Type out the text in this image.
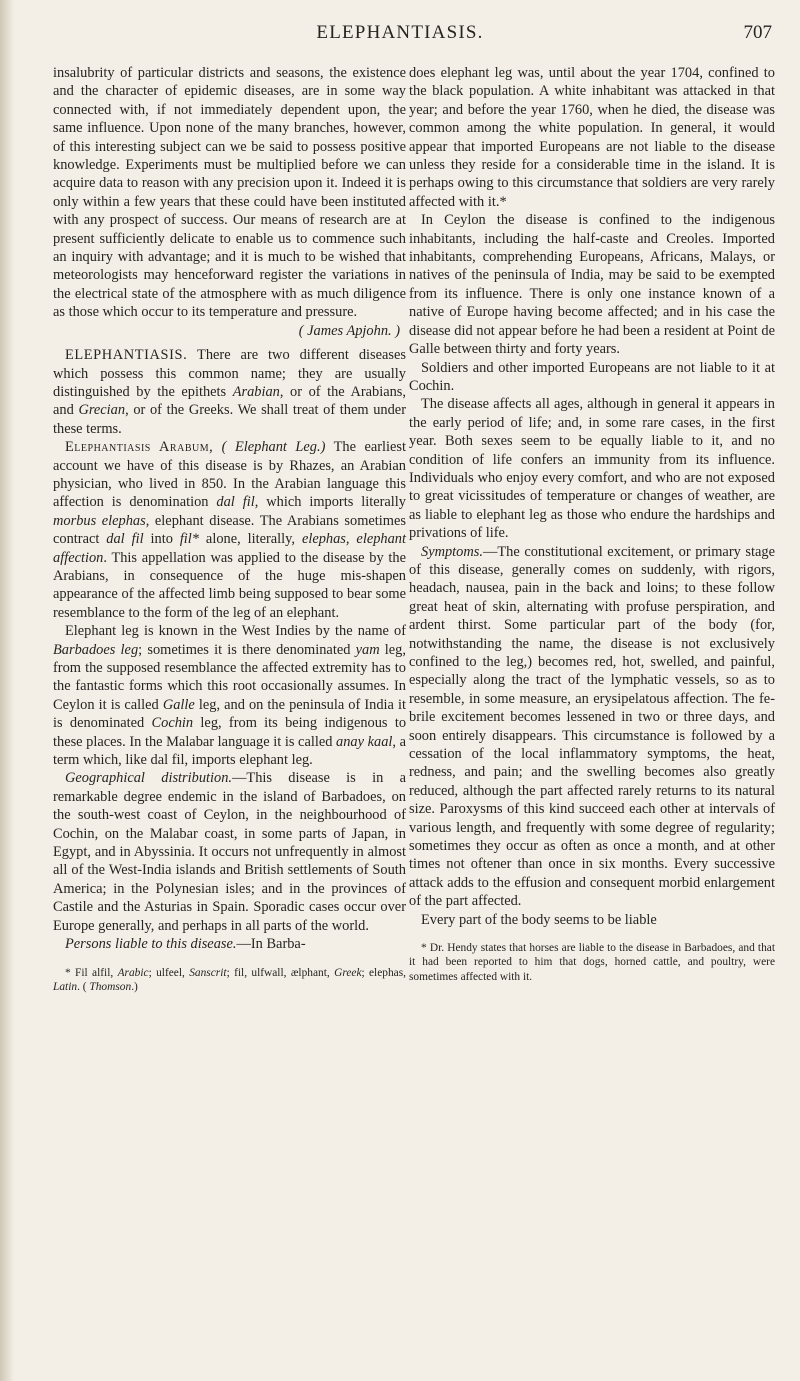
ELEPHANTIASIS.	707

insalubrity of particular districts and seasons, the existence and the character of epidemic diseases, are in some way connected with, if not immediately dependent upon, the same influence. Upon none of the many branches, however, of this interesting subject can we be said to possess positive knowledge. Experiments must be multiplied before we can acquire data to reason with any precision upon it. Indeed it is only within a few years that these could have been instituted with any prospect of success. Our means of research are at present sufficiently delicate to enable us to commence such an inquiry with advantage; and it is much to be wished that meteorologists may henceforward register the variations in the electrical state of the atmosphere with as much diligence as those which occur to its temperature and pressure.

( James Apjohn. )

ELEPHANTIASIS. There are two different diseases which possess this common name; they are usually distinguished by the epithets Arabian, or of the Arabians, and Grecian, or of the Greeks. We shall treat of them under these terms.

Elephantiasis Arabum, ( Elephant Leg.) The earliest account we have of this disease is by Rhazes, an Arabian physician, who lived in 850. In the Arabian language this affection is denomination dal fil, which imports literally morbus elephas, elephant disease. The Arabians sometimes contract dal fil into fil* alone, literally, elephas, elephant affection. This appellation was applied to the disease by the Arabians, in consequence of the huge mis-shapen appearance of the affected limb being supposed to bear some resemblance to the form of the leg of an elephant.

Elephant leg is known in the West Indies by the name of Barbadoes leg; sometimes it is there denominated yam leg, from the supposed resemblance the affected extremity has to the fantastic forms which this root occasionally assumes. In Ceylon it is called Galle leg, and on the peninsula of India it is denominated Cochin leg, from its being indigenous to these places. In the Malabar language it is called anay kaal, a term which, like dal fil, imports elephant leg.

Geographical distribution.—This disease is in a remarkable degree endemic in the island of Barbadoes, on the south-west coast of Ceylon, in the neighbourhood of Cochin, on the Malabar coast, in some parts of Japan, in Egypt, and in Abyssinia. It occurs not unfrequently in almost all of the West-India islands and British settlements of South America; in the Polynesian isles; and in the provinces of Castile and the Asturias in Spain. Sporadic cases occur over Europe generally, and perhaps in all parts of the world.

Persons liable to this disease.—In Barba-

* Fil alfil, Arabic; ulfeel, Sanscrit; fil, ulfwall, ælphant, Greek; elephas, Latin. ( Thomson.)

does elephant leg was, until about the year 1704, confined to the black population. A white inhabitant was attacked in that year; and before the year 1760, when he died, the disease was common among the white population. In general, it would appear that imported Europeans are not liable to the disease unless they reside for a considerable time in the island. It is perhaps owing to this circumstance that soldiers are very rarely affected with it.*

In Ceylon the disease is confined to the indigenous inhabitants, including the half-caste and Creoles. Imported inhabitants, comprehending Europeans, Africans, Malays, or natives of the peninsula of India, may be said to be exempted from its influence. There is only one instance known of a native of Europe having become affected; and in his case the disease did not appear before he had been a resident at Point de Galle between thirty and forty years.

Soldiers and other imported Europeans are not liable to it at Cochin.

The disease affects all ages, although in general it appears in the early period of life; and, in some rare cases, in the first year. Both sexes seem to be equally liable to it, and no condition of life confers an immunity from its influence. Individuals who enjoy every comfort, and who are not exposed to great vicissitudes of temperature or changes of weather, are as liable to elephant leg as those who endure the hardships and privations of life.

Symptoms.—The constitutional excitement, or primary stage of this disease, generally comes on suddenly, with rigors, headach, nausea, pain in the back and loins; to these follow great heat of skin, alternating with profuse perspiration, and ardent thirst. Some particular part of the body (for, notwithstanding the name, the disease is not exclusively confined to the leg,) becomes red, hot, swelled, and painful, especially along the tract of the lymphatic vessels, so as to resemble, in some measure, an erysipelatous affection. The febrile excitement becomes lessened in two or three days, and soon entirely disappears. This circumstance is followed by a cessation of the local inflammatory symptoms, the heat, redness, and pain; and the swelling becomes also greatly reduced, although the part affected rarely returns to its natural size. Paroxysms of this kind succeed each other at intervals of various length, and frequently with some degree of regularity; sometimes they occur as often as once a month, and at other times not oftener than once in six months. Every successive attack adds to the effusion and consequent morbid enlargement of the part affected.

Every part of the body seems to be liable

* Dr. Hendy states that horses are liable to the disease in Barbadoes, and that it had been reported to him that dogs, horned cattle, and poultry, were sometimes affected with it.
